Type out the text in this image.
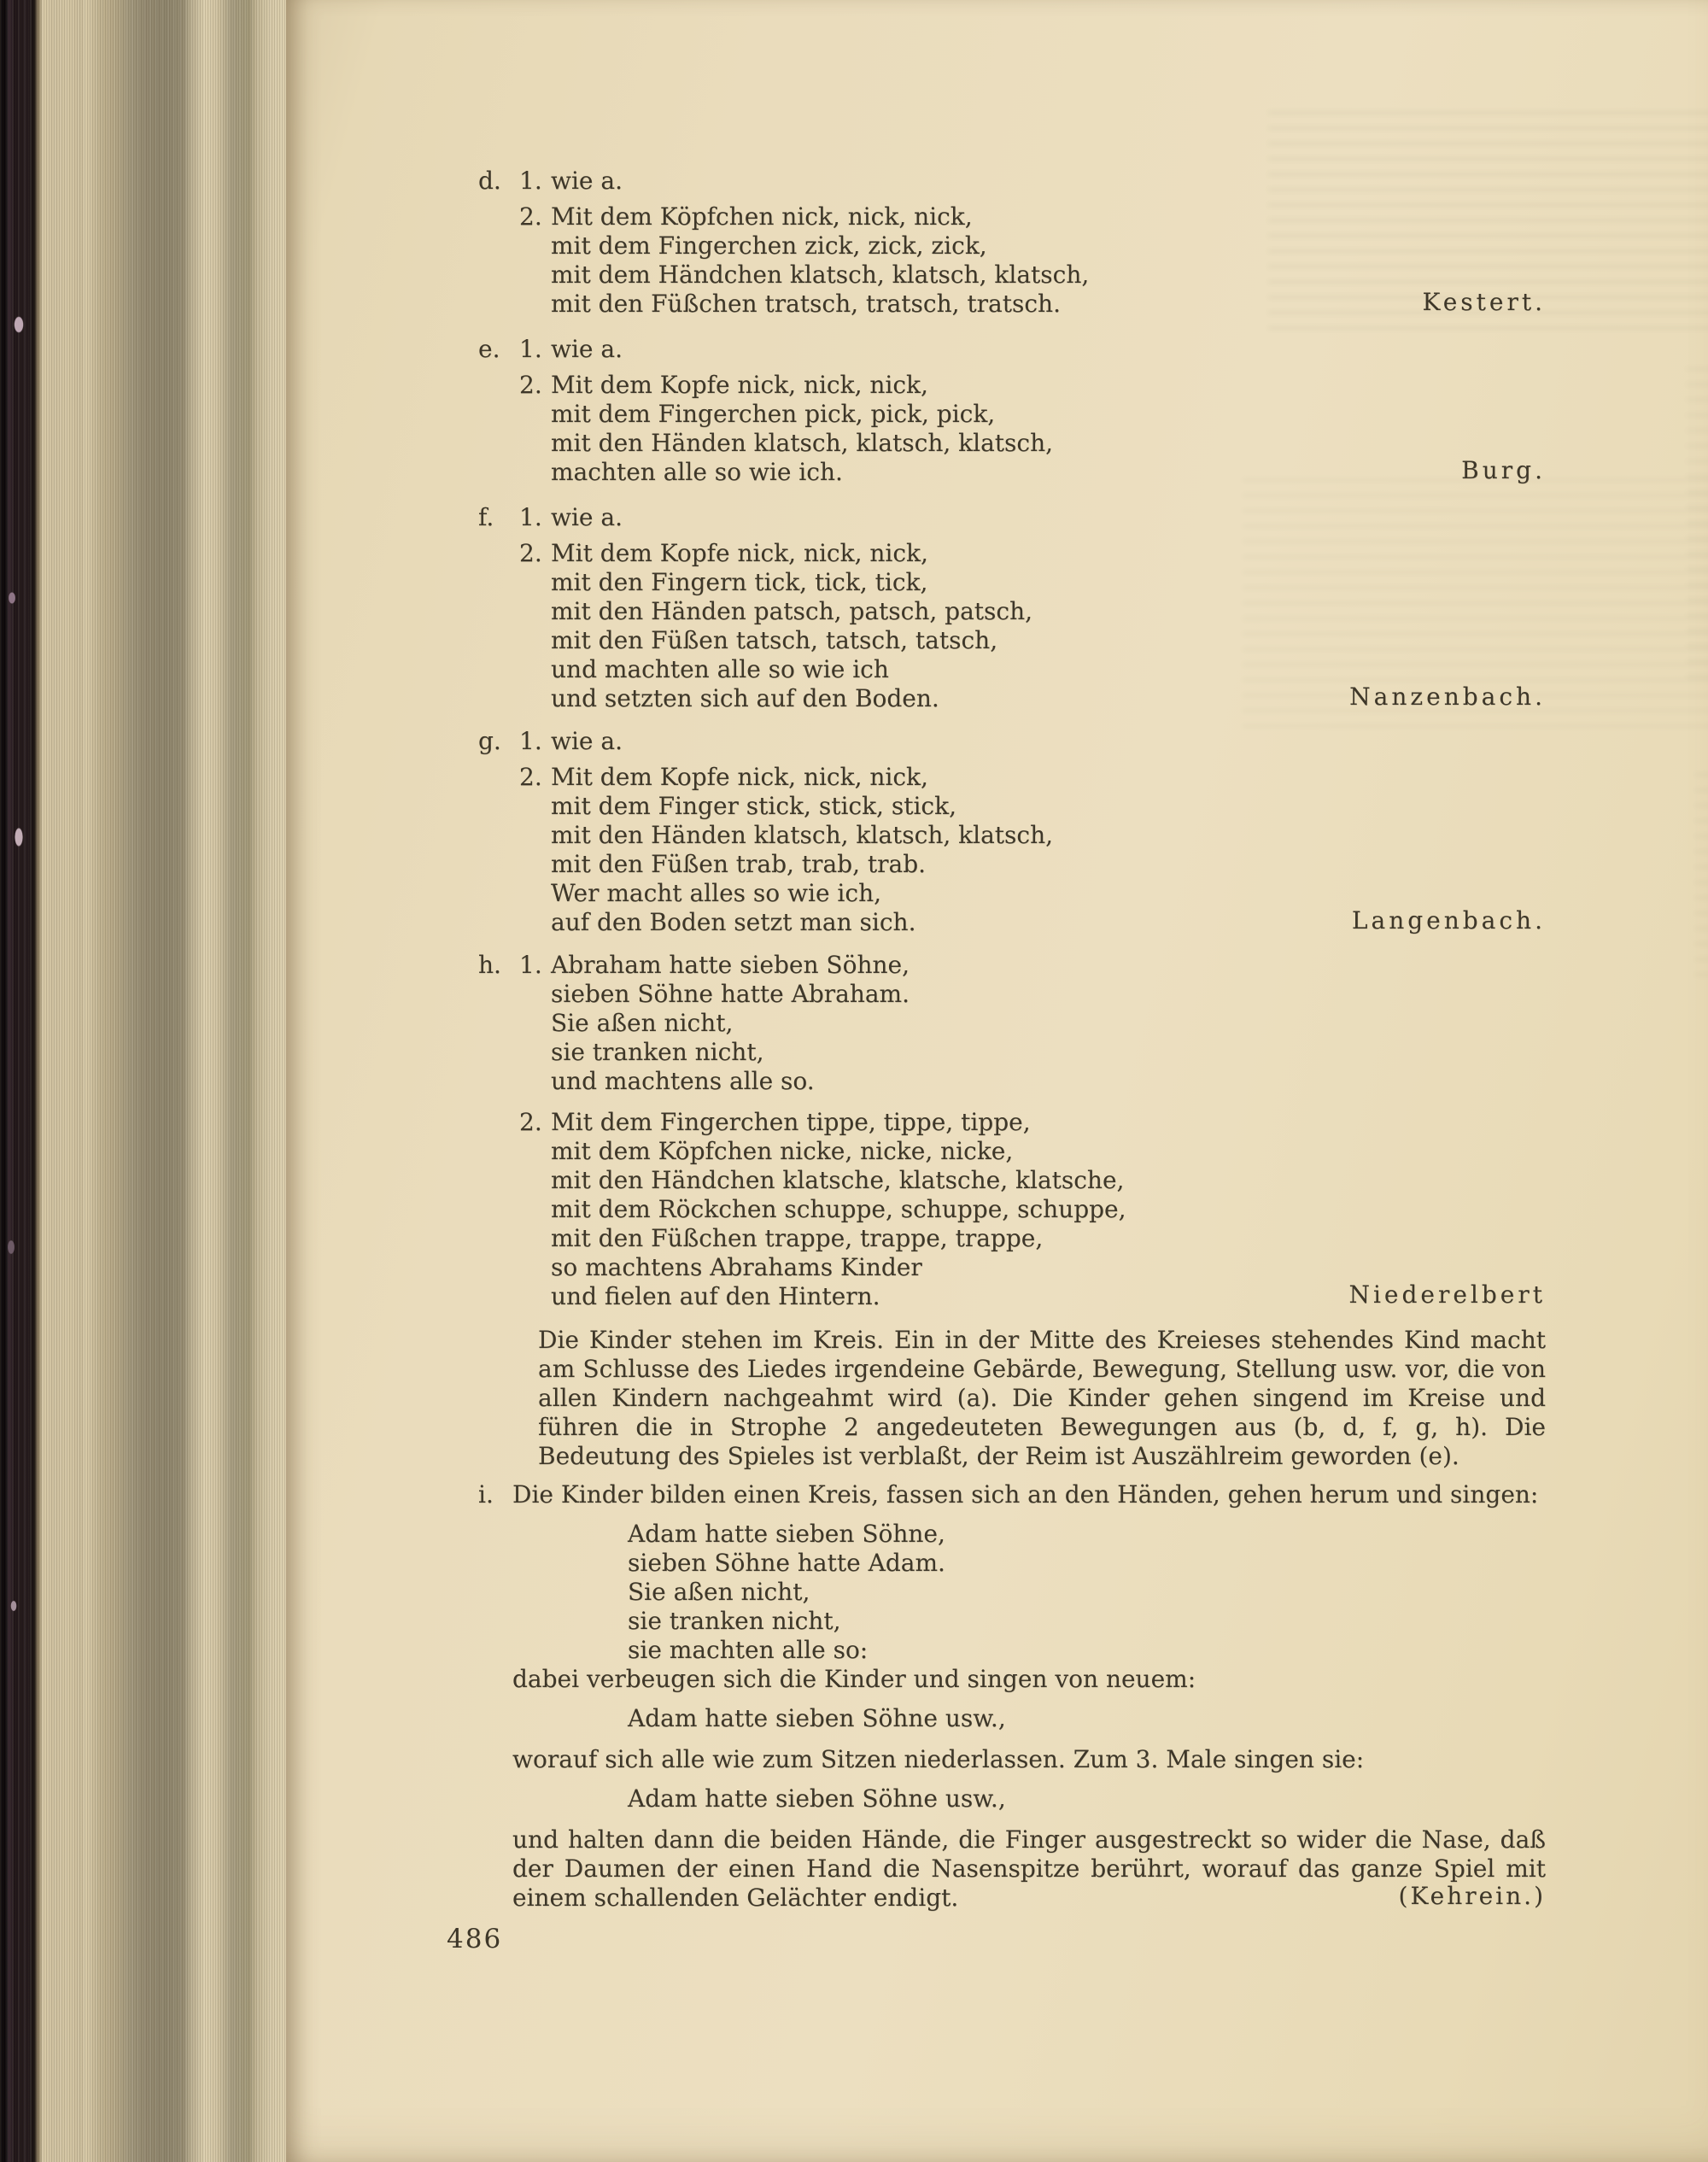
d. 1. wie a.
2. Mit dem Köpfchen nick, nick, nick,
mit dem Fingerchen zick, zick, zick,
mit dem Händchen klatsch, klatsch, klatsch,
mit den Füßchen tratsch, tratsch, tratsch.	Kestert.
e. 1. wie a.
2. Mit dem Kopfe nick, nick, nick,
mit dem Fingerchen pick, pick, pick,
mit den Händen klatsch, klatsch, klatsch,
machten alle so wie ich.	Burg.
f. 1. wie a.
2. Mit dem Kopfe nick, nick, nick,
mit den Fingern tick, tick, tick,
mit den Händen patsch, patsch, patsch,
mit den Füßen tatsch, tatsch, tatsch,
und machten alle so wie ich
und setzten sich auf den Boden.	Nanzenbach.
g. 1. wie a.
2. Mit dem Kopfe nick, nick, nick,
mit dem Finger stick, stick, stick,
mit den Händen klatsch, klatsch, klatsch,
mit den Füßen trab, trab, trab.
Wer macht alles so wie ich,
auf den Boden setzt man sich.	Langenbach.
h. 1. Abraham hatte sieben Söhne,
sieben Söhne hatte Abraham.
Sie aßen nicht,
sie tranken nicht,
und machtens alle so.
2. Mit dem Fingerchen tippe, tippe, tippe,
mit dem Köpfchen nicke, nicke, nicke,
mit den Händchen klatsche, klatsche, klatsche,
mit dem Röckchen schuppe, schuppe, schuppe,
mit den Füßchen trappe, trappe, trappe,
so machtens Abrahams Kinder
und fielen auf den Hintern.	Niederelbert
Die Kinder stehen im Kreis. Ein in der Mitte des Kreieses stehendes Kind macht am Schlusse des Liedes irgendeine Gebärde, Bewegung, Stellung usw. vor, die von allen Kindern nachgeahmt wird (a). Die Kinder gehen singend im Kreise und führen die in Strophe 2 angedeuteten Bewegungen aus (b, d, f, g, h). Die Bedeutung des Spieles ist verblaßt, der Reim ist Auszählreim geworden (e).
i. Die Kinder bilden einen Kreis, fassen sich an den Händen, gehen herum und singen:
Adam hatte sieben Söhne,
sieben Söhne hatte Adam.
Sie aßen nicht,
sie tranken nicht,
sie machten alle so:
dabei verbeugen sich die Kinder und singen von neuem:
Adam hatte sieben Söhne usw.,
worauf sich alle wie zum Sitzen niederlassen. Zum 3. Male singen sie:
Adam hatte sieben Söhne usw.,
und halten dann die beiden Hände, die Finger ausgestreckt so wider die Nase, daß der Daumen der einen Hand die Nasenspitze berührt, worauf das ganze Spiel mit einem schallenden Gelächter endigt.	(Kehrein.)
486
